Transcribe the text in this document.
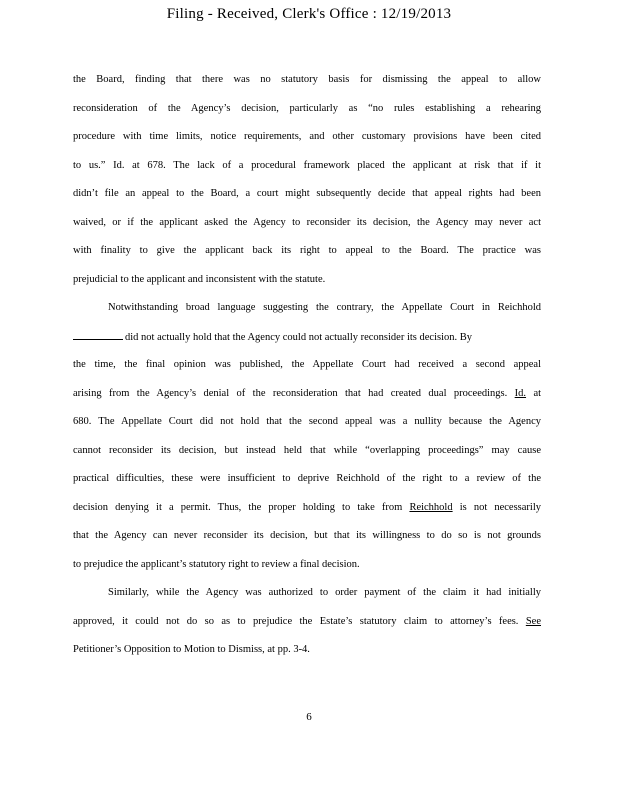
Filing - Received, Clerk's Office : 12/19/2013
the Board, finding that there was no statutory basis for dismissing the appeal to allow
reconsideration of the Agency’s decision, particularly as “no rules establishing a rehearing
procedure with time limits, notice requirements, and other customary provisions have been cited
to us.” Id. at 678. The lack of a procedural framework placed the applicant at risk that if it
didn’t file an appeal to the Board, a court might subsequently decide that appeal rights had been
waived, or if the applicant asked the Agency to reconsider its decision, the Agency may never act
with finality to give the applicant back its right to appeal to the Board. The practice was
prejudicial to the applicant and inconsistent with the statute.
Notwithstanding broad language suggesting the contrary, the Appellate Court in Reichhold
did not actually hold that the Agency could not actually reconsider its decision. By
the time, the final opinion was published, the Appellate Court had received a second appeal
arising from the Agency’s denial of the reconsideration that had created dual proceedings. Id. at
680. The Appellate Court did not hold that the second appeal was a nullity because the Agency
cannot reconsider its decision, but instead held that while “overlapping proceedings” may cause
practical difficulties, these were insufficient to deprive Reichhold of the right to a review of the
decision denying it a permit. Thus, the proper holding to take from Reichhold is not necessarily
that the Agency can never reconsider its decision, but that its willingness to do so is not grounds
to prejudice the applicant’s statutory right to review a final decision.
Similarly, while the Agency was authorized to order payment of the claim it had initially
approved, it could not do so as to prejudice the Estate’s statutory claim to attorney’s fees. See
Petitioner’s Opposition to Motion to Dismiss, at pp. 3-4.
6
